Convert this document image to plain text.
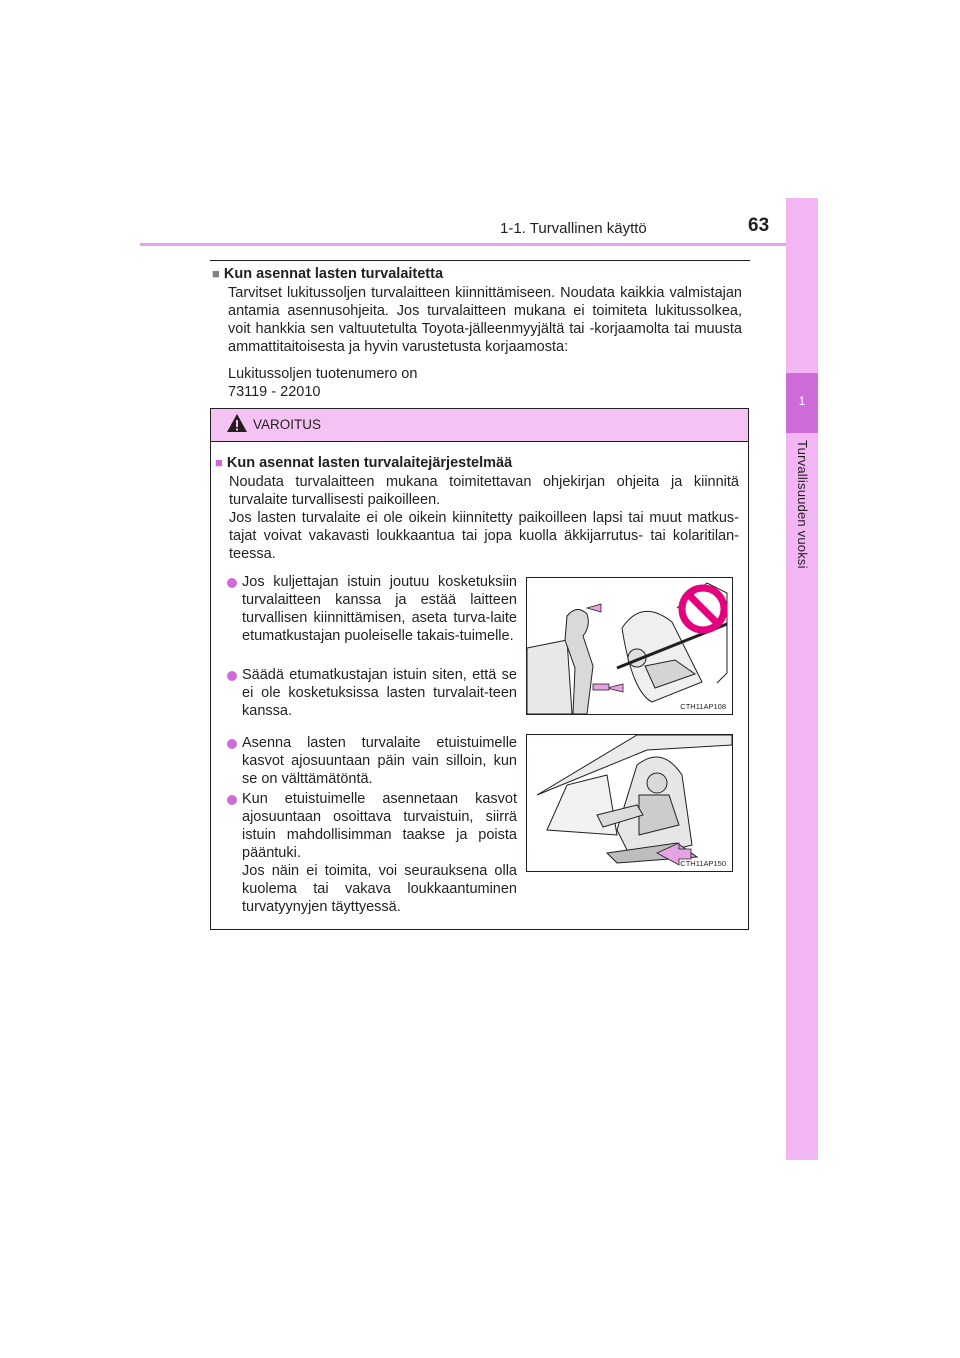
1-1. Turvallinen käyttö	63
1
Turvallisuuden vuoksi
■ Kun asennat lasten turvalaitetta
Tarvitset lukitussoljen turvalaitteen kiinnittämiseen. Noudata kaikkia valmistajan antamia asennusohjeita. Jos turvalaitteen mukana ei toimiteta lukitussolkea, voit hankkia sen valtuutetulta Toyota-jälleenmyyjältä tai -korjaamolta tai muusta ammattitaitoisesta ja hyvin varustetusta korjaamosta:
Lukitussoljen tuotenumero on
73119 - 22010
VAROITUS
■ Kun asennat lasten turvalaitejärjestelmää
Noudata turvalaitteen mukana toimitettavan ohjekirjan ohjeita ja kiinnitä turvalaite turvallisesti paikoilleen.
Jos lasten turvalaite ei ole oikein kiinnitetty paikoilleen lapsi tai muut matkus-tajat voivat vakavasti loukkaantua tai jopa kuolla äkkijarrutus- tai kolaritilan-teessa.
Jos kuljettajan istuin joutuu kosketuksiin turvalaitteen kanssa ja estää laitteen turvallisen kiinnittämisen, aseta turva-laite etumatkustajan puoleiselle takais-tuimelle.
Säädä etumatkustajan istuin siten, että se ei ole kosketuksissa lasten turvalait-teen kanssa.
Asenna lasten turvalaite etuistuimelle kasvot ajosuuntaan päin vain silloin, kun se on välttämätöntä.
Kun etuistuimelle asennetaan kasvot ajosuuntaan osoittava turvaistuin, siirrä istuin mahdollisimman taakse ja poista pääntuki.
Jos näin ei toimita, voi seurauksena olla kuolema tai vakava loukkaantuminen turvatyynyjen täyttyessä.
CTH11AP108
CTH11AP150
